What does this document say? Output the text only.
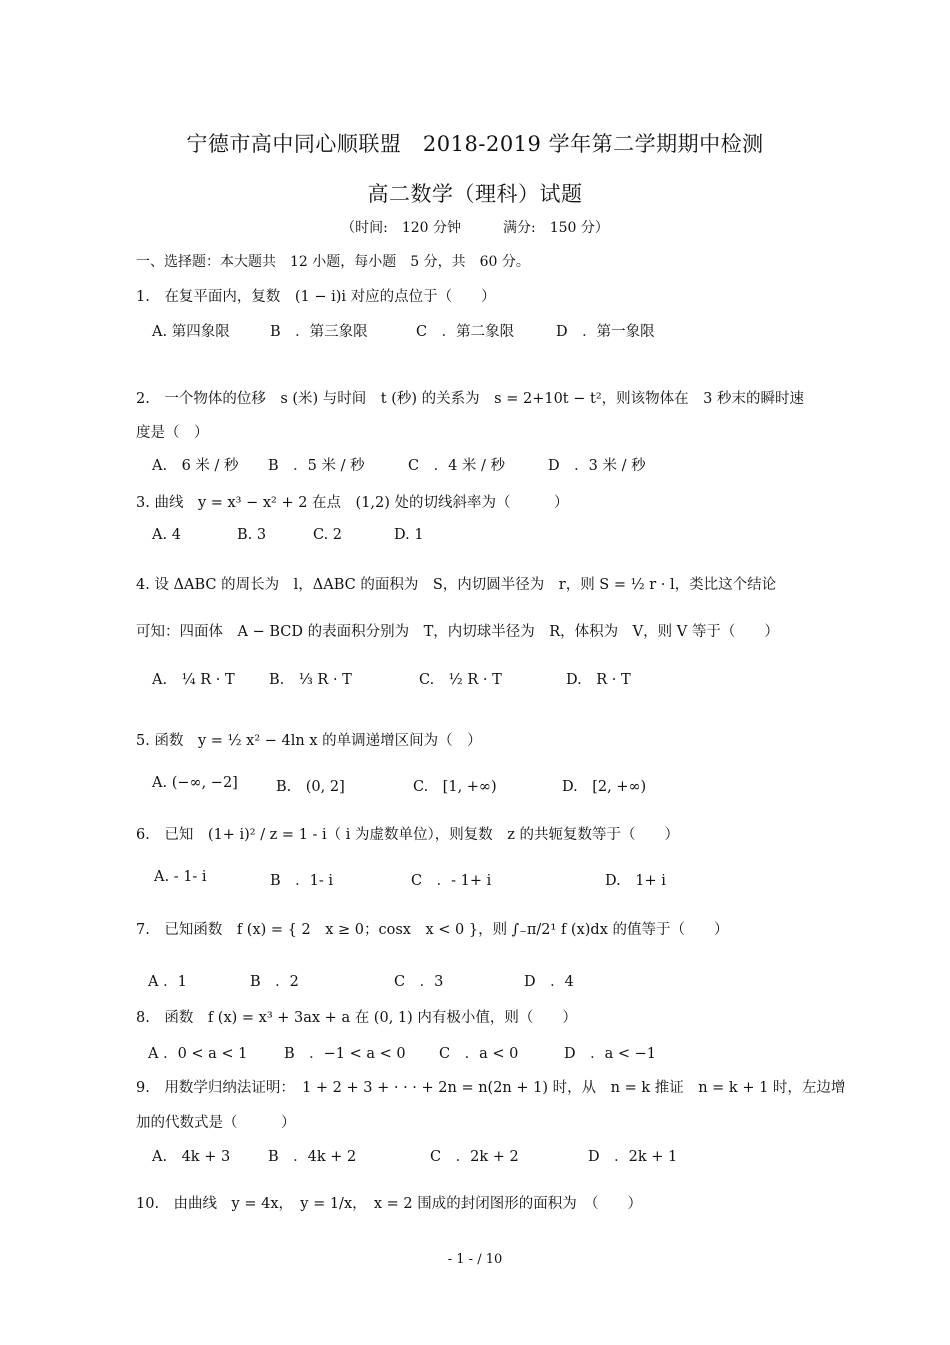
宁德市高中同心顺联盟　2018-2019 学年第二学期期中检测
高二数学（理科）试题
（时间:　120 分钟　　　满分:　150 分）
一、选择题：本大题共　12 小题，每小题　5 分，共　60 分。
1.　在复平面内，复数　(1 − i)i 对应的点位于（　　）
A. 第四象限	B　．第三象限	C　．第二象限	D　．第一象限
2.　一个物体的位移　s (米) 与时间　t (秒) 的关系为　s = 2+10t − t²，则该物体在　3 秒末的瞬时速
度是（　）
A.　6 米 / 秒 B　．5 米 / 秒	C　．4 米 / 秒	D　．3 米 / 秒
3. 曲线　y = x³ − x² + 2 在点　(1,2) 处的切线斜率为（　　　）
A. 4	B. 3	C. 2	D. 1
4. 设 ΔABC 的周长为　l，ΔABC 的面积为　S，内切圆半径为　r，则 S = ½ r · l，类比这个结论
可知：四面体　A − BCD 的表面积分别为　T，内切球半径为　R，体积为　V，则 V 等于（　　）
A.　¼ R · T B.　⅓ R · T	C.　½ R · T	D.　R · T
5. 函数　y = ½ x² − 4ln x 的单调递增区间为（　）
A. (−∞, −2]	B.　(0, 2]	C.　[1, +∞)	D.　[2, +∞)
6.　已知　(1+ i)² / z = 1 - i（ i 为虚数单位），则复数　z 的共轭复数等于（　　）
A. - 1- i	B　．1- i	C　．- 1+ i	D.　1+ i
7.　已知函数　f (x) = { 2　x ≥ 0；cosx　x < 0 }，则 ∫₋π/2¹ f (x)dx 的值等于（　　）
A ．1	B　．2	C　．3	D　．4
8.　函数　f (x) = x³ + 3ax + a 在 (0, 1) 内有极小值，则（　　）
A ．0 < a < 1	B　．−1 < a < 0 C　．a < 0	D　．a < −1
9.　用数学归纳法证明：　1 + 2 + 3 + · · · + 2n = n(2n + 1) 时，从　n = k 推证　n = k + 1 时，左边增
加的代数式是（　　　）
A.　4k + 3	B　．4k + 2	C　．2k + 2	D　．2k + 1
10.　由曲线　y = 4x，　y = 1/x，　x = 2 围成的封闭图形的面积为　（　　）
- 1 - / 10
